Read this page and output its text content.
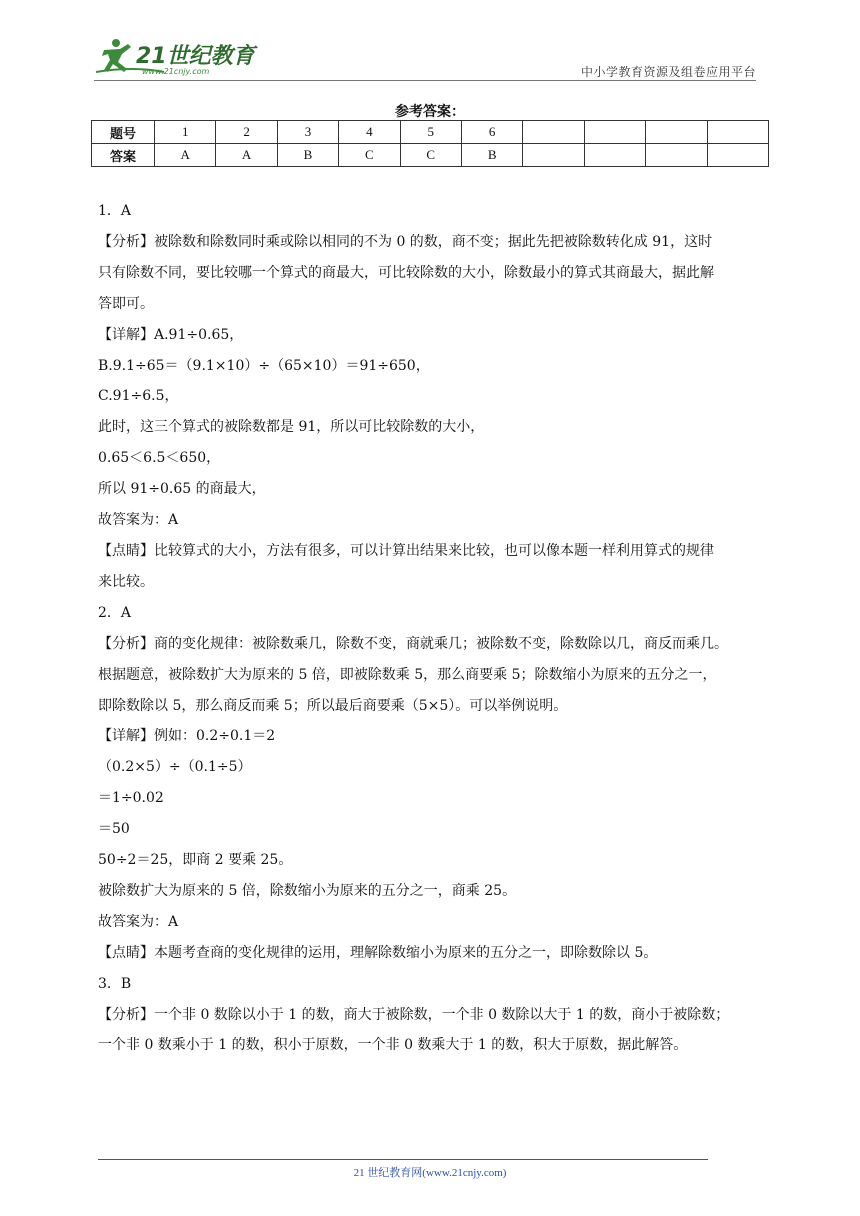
21世纪教育
www.21cnjy.com	中小学教育资源及组卷应用平台
参考答案：
题号	1	2	3	4	5	6				
答案	A	A	B	C	C	B				

1．A

【分析】被除数和除数同时乘或除以相同的不为 0 的数，商不变；据此先把被除数转化成 91，这时

只有除数不同，要比较哪一个算式的商最大，可比较除数的大小，除数最小的算式其商最大，据此解

答即可。

【详解】A.91÷0.65，

B.9.1÷65＝（9.1×10）÷（65×10）＝91÷650，

C.91÷6.5，

此时，这三个算式的被除数都是 91，所以可比较除数的大小，

0.65＜6.5＜650，

所以 91÷0.65 的商最大，

故答案为：A

【点睛】比较算式的大小，方法有很多，可以计算出结果来比较，也可以像本题一样利用算式的规律

来比较。

2．A

【分析】商的变化规律：被除数乘几，除数不变，商就乘几；被除数不变，除数除以几，商反而乘几。

根据题意，被除数扩大为原来的 5 倍，即被除数乘 5，那么商要乘 5；除数缩小为原来的五分之一，

即除数除以 5，那么商反而乘 5；所以最后商要乘（5×5）。可以举例说明。

【详解】例如：0.2÷0.1＝2

（0.2×5）÷（0.1÷5）

＝1÷0.02

＝50

50÷2＝25，即商 2 要乘 25。

被除数扩大为原来的 5 倍，除数缩小为原来的五分之一，商乘 25。

故答案为：A

【点睛】本题考查商的变化规律的运用，理解除数缩小为原来的五分之一，即除数除以 5。

3．B

【分析】一个非 0 数除以小于 1 的数，商大于被除数，一个非 0 数除以大于 1 的数，商小于被除数；

一个非 0 数乘小于 1 的数，积小于原数，一个非 0 数乘大于 1 的数，积大于原数，据此解答。

21 世纪教育网(www.21cnjy.com)
